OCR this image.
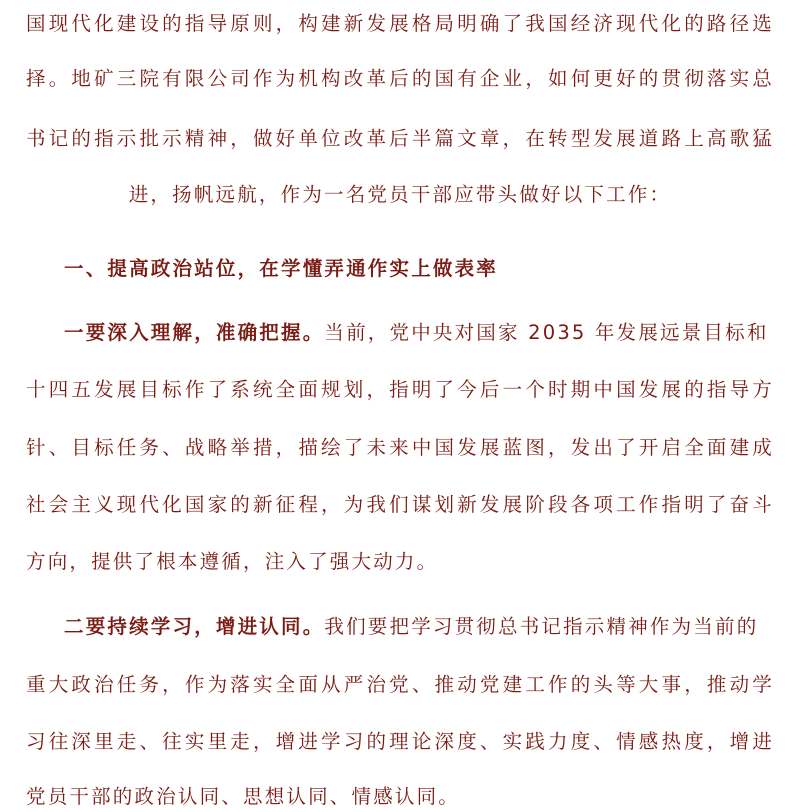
国现代化建设的指导原则，构建新发展格局明确了我国经济现代化的路径选
择。地矿三院有限公司作为机构改革后的国有企业，如何更好的贯彻落实总
书记的指示批示精神，做好单位改革后半篇文章，在转型发展道路上高歌猛
进，扬帆远航，作为一名党员干部应带头做好以下工作：
一、提高政治站位，在学懂弄通作实上做表率
一要深入理解，准确把握。当前，党中央对国家 2035 年发展远景目标和
十四五发展目标作了系统全面规划，指明了今后一个时期中国发展的指导方
针、目标任务、战略举措，描绘了未来中国发展蓝图，发出了开启全面建成
社会主义现代化国家的新征程，为我们谋划新发展阶段各项工作指明了奋斗
方向，提供了根本遵循，注入了强大动力。
二要持续学习，增进认同。我们要把学习贯彻总书记指示精神作为当前的
重大政治任务，作为落实全面从严治党、推动党建工作的头等大事，推动学
习往深里走、往实里走，增进学习的理论深度、实践力度、情感热度，增进
党员干部的政治认同、思想认同、情感认同。
